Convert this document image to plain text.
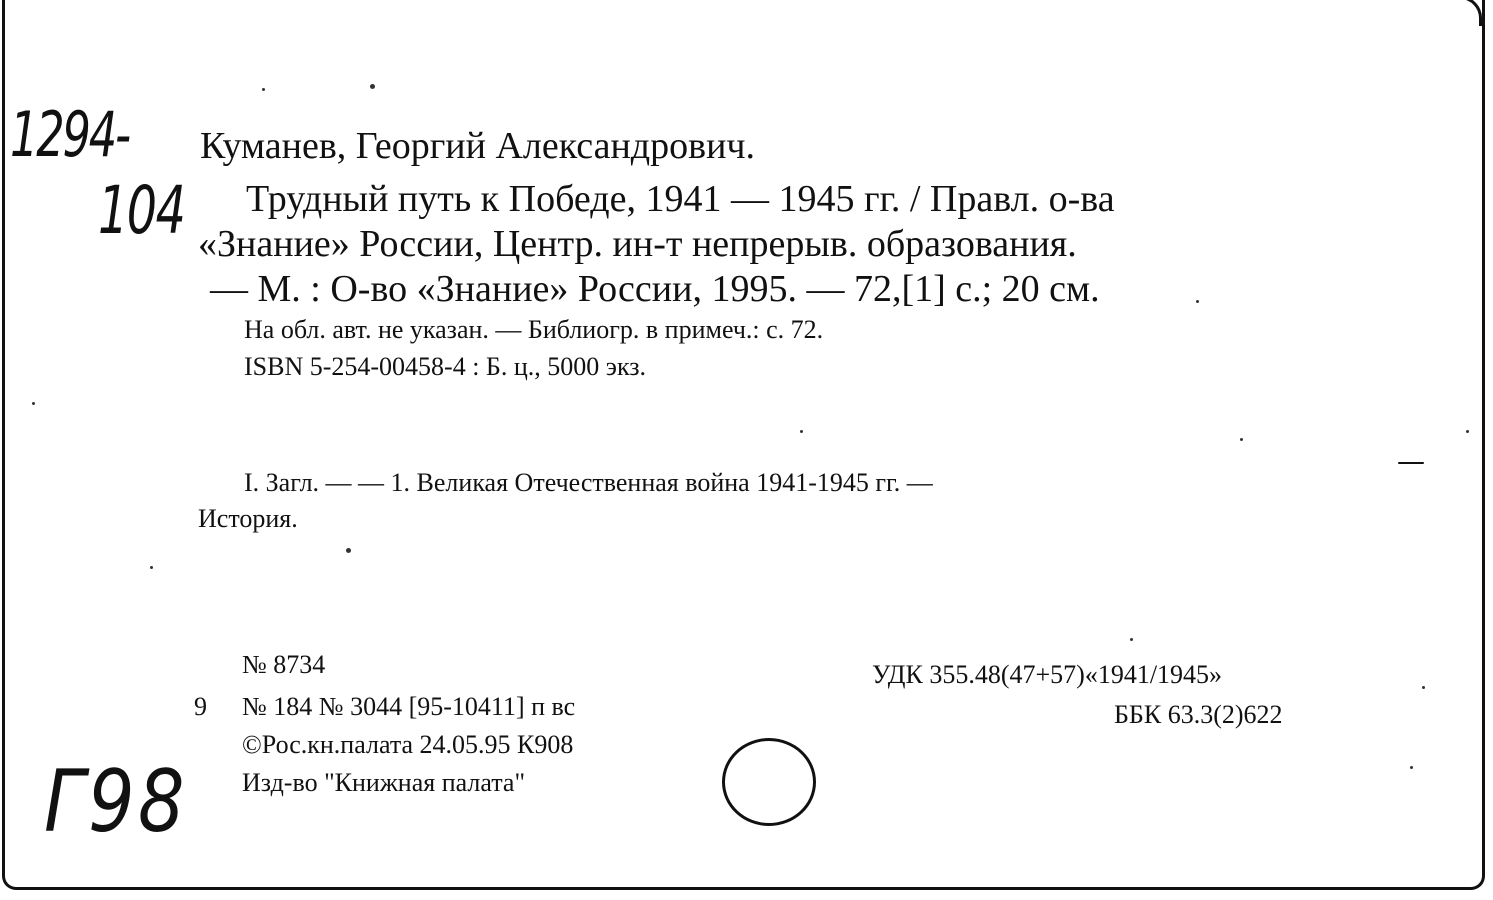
1294-
104
Куманев, Георгий Александрович.
Трудный путь к Победе, 1941 — 1945 гг. / Правл. о-ва
«Знание» России, Центр. ин-т непрерыв. образования.
— М. : О-во «Знание» России, 1995. — 72,[1] с.; 20 см.
На обл. авт. не указан. — Библиогр. в примеч.: с. 72.
ISBN 5-254-00458-4 : Б. ц., 5000 экз.
I. Загл. — — 1. Великая Отечественная война 1941-1945 гг. —
История.
№ 8734
9 № 184 № 3044 [95-10411] п вс
©Рос.кн.палата 24.05.95 К908
Изд-во "Книжная палата"
УДК 355.48(47+57)«1941/1945»
ББК 63.3(2)622
Г98
